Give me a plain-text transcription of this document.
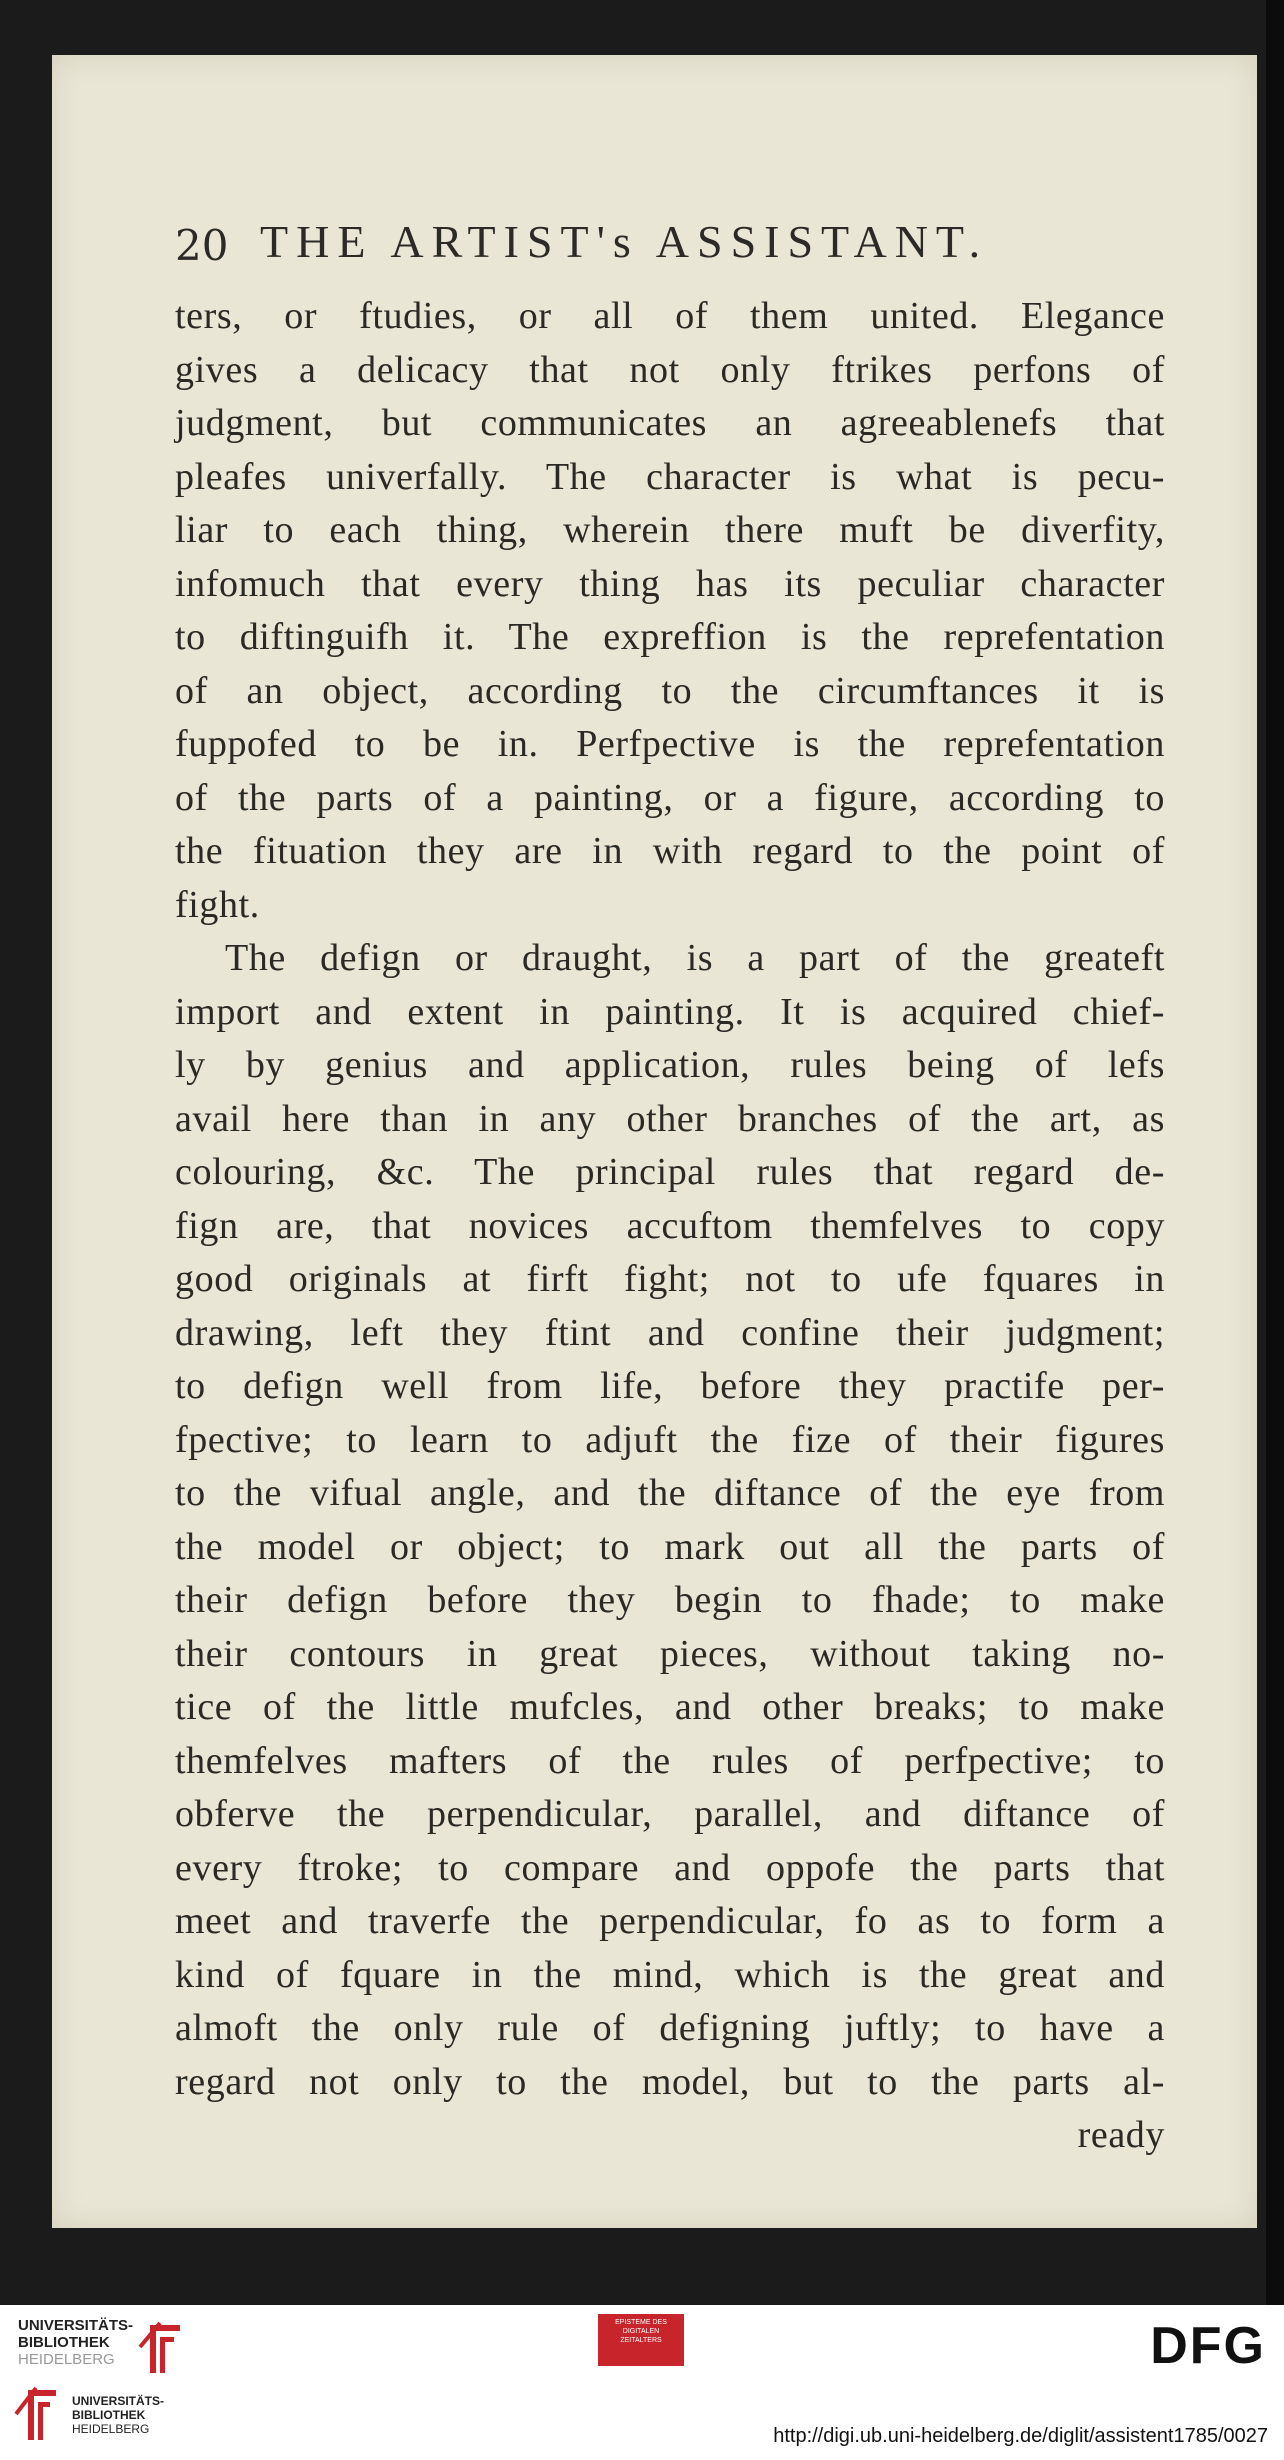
20 THE ARTIST's ASSISTANT.
ters, or ftudies, or all of them united. Elegance
gives a delicacy that not only ftrikes perfons of
judgment, but communicates an agreeablenefs that
pleafes univerfally. The character is what is pecu-
liar to each thing, wherein there muft be diverfity,
infomuch that every thing has its peculiar character
to diftinguifh it. The expreffion is the reprefentation
of an object, according to the circumftances it is
fuppofed to be in. Perfpective is the reprefentation
of the parts of a painting, or a figure, according to
the fituation they are in with regard to the point of
fight.
The defign or draught, is a part of the greateft
import and extent in painting. It is acquired chief-
ly by genius and application, rules being of lefs
avail here than in any other branches of the art, as
colouring, &c. The principal rules that regard de-
fign are, that novices accuftom themfelves to copy
good originals at firft fight; not to ufe fquares in
drawing, left they ftint and confine their judgment;
to defign well from life, before they practife per-
fpective; to learn to adjuft the fize of their figures
to the vifual angle, and the diftance of the eye from
the model or object; to mark out all the parts of
their defign before they begin to fhade; to make
their contours in great pieces, without taking no-
tice of the little mufcles, and other breaks; to make
themfelves mafters of the rules of perfpective; to
obferve the perpendicular, parallel, and diftance of
every ftroke; to compare and oppofe the parts that
meet and traverfe the perpendicular, fo as to form a
kind of fquare in the mind, which is the great and
almoft the only rule of defigning juftly; to have a
regard not only to the model, but to the parts al-
ready
UNIVERSITÄTS-
BIBLIOTHEK
HEIDELBERG
EPISTEME DES
DIGITALEN
ZEITALTERS	DFG
UNIVERSITÄTS-
BIBLIOTHEK
HEIDELBERG	http://digi.ub.uni-heidelberg.de/diglit/assistent1785/0027
